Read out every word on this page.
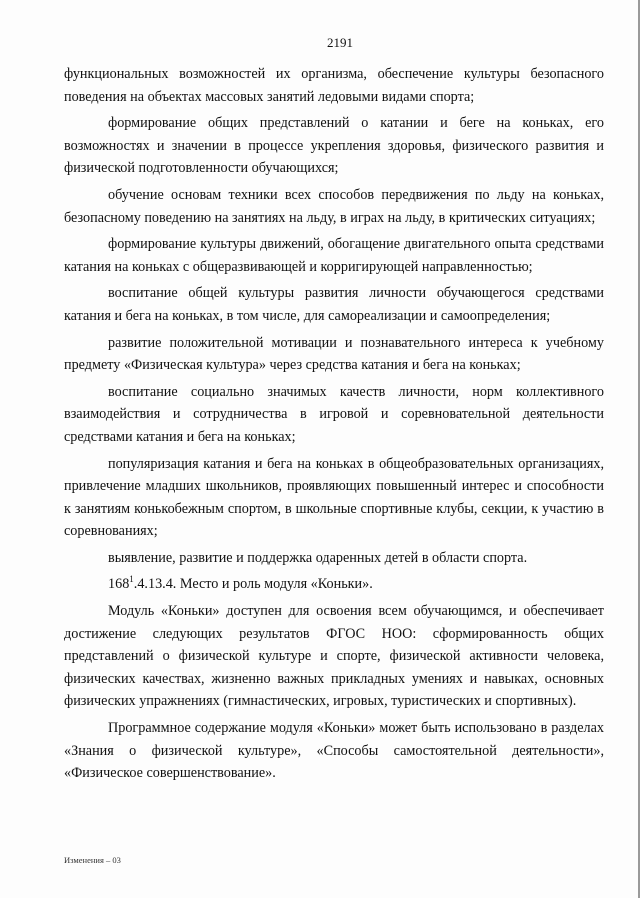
2191

функциональных возможностей их организма, обеспечение культуры безопасного поведения на объектах массовых занятий ледовыми видами спорта;

формирование общих представлений о катании и беге на коньках, его возможностях и значении в процессе укрепления здоровья, физического развития и физической подготовленности обучающихся;

обучение основам техники всех способов передвижения по льду на коньках, безопасному поведению на занятиях на льду, в играх на льду, в критических ситуациях;

формирование культуры движений, обогащение двигательного опыта средствами катания на коньках с общеразвивающей и корригирующей направленностью;

воспитание общей культуры развития личности обучающегося средствами катания и бега на коньках, в том числе, для самореализации и самоопределения;

развитие положительной мотивации и познавательного интереса к учебному предмету «Физическая культура» через средства катания и бега на коньках;

воспитание социально значимых качеств личности, норм коллективного взаимодействия и сотрудничества в игровой и соревновательной деятельности средствами катания и бега на коньках;

популяризация катания и бега на коньках в общеобразовательных организациях, привлечение младших школьников, проявляющих повышенный интерес и способности к занятиям конькобежным спортом, в школьные спортивные клубы, секции, к участию в соревнованиях;

выявление, развитие и поддержка одаренных детей в области спорта.

$168^1.4.13.4$. Место и роль модуля «Коньки».

Модуль «Коньки» доступен для освоения всем обучающимся, и обеспечивает достижение следующих результатов ФГОС НОО: сформированность общих представлений о физической культуре и спорте, физической активности человека, физических качествах, жизненно важных прикладных умениях и навыках, основных физических упражнениях (гимнастических, игровых, туристических и спортивных).

Программное содержание модуля «Коньки» может быть использовано в разделах «Знания о физической культуре», «Способы самостоятельной деятельности», «Физическое совершенствование».

Изменения – 03
